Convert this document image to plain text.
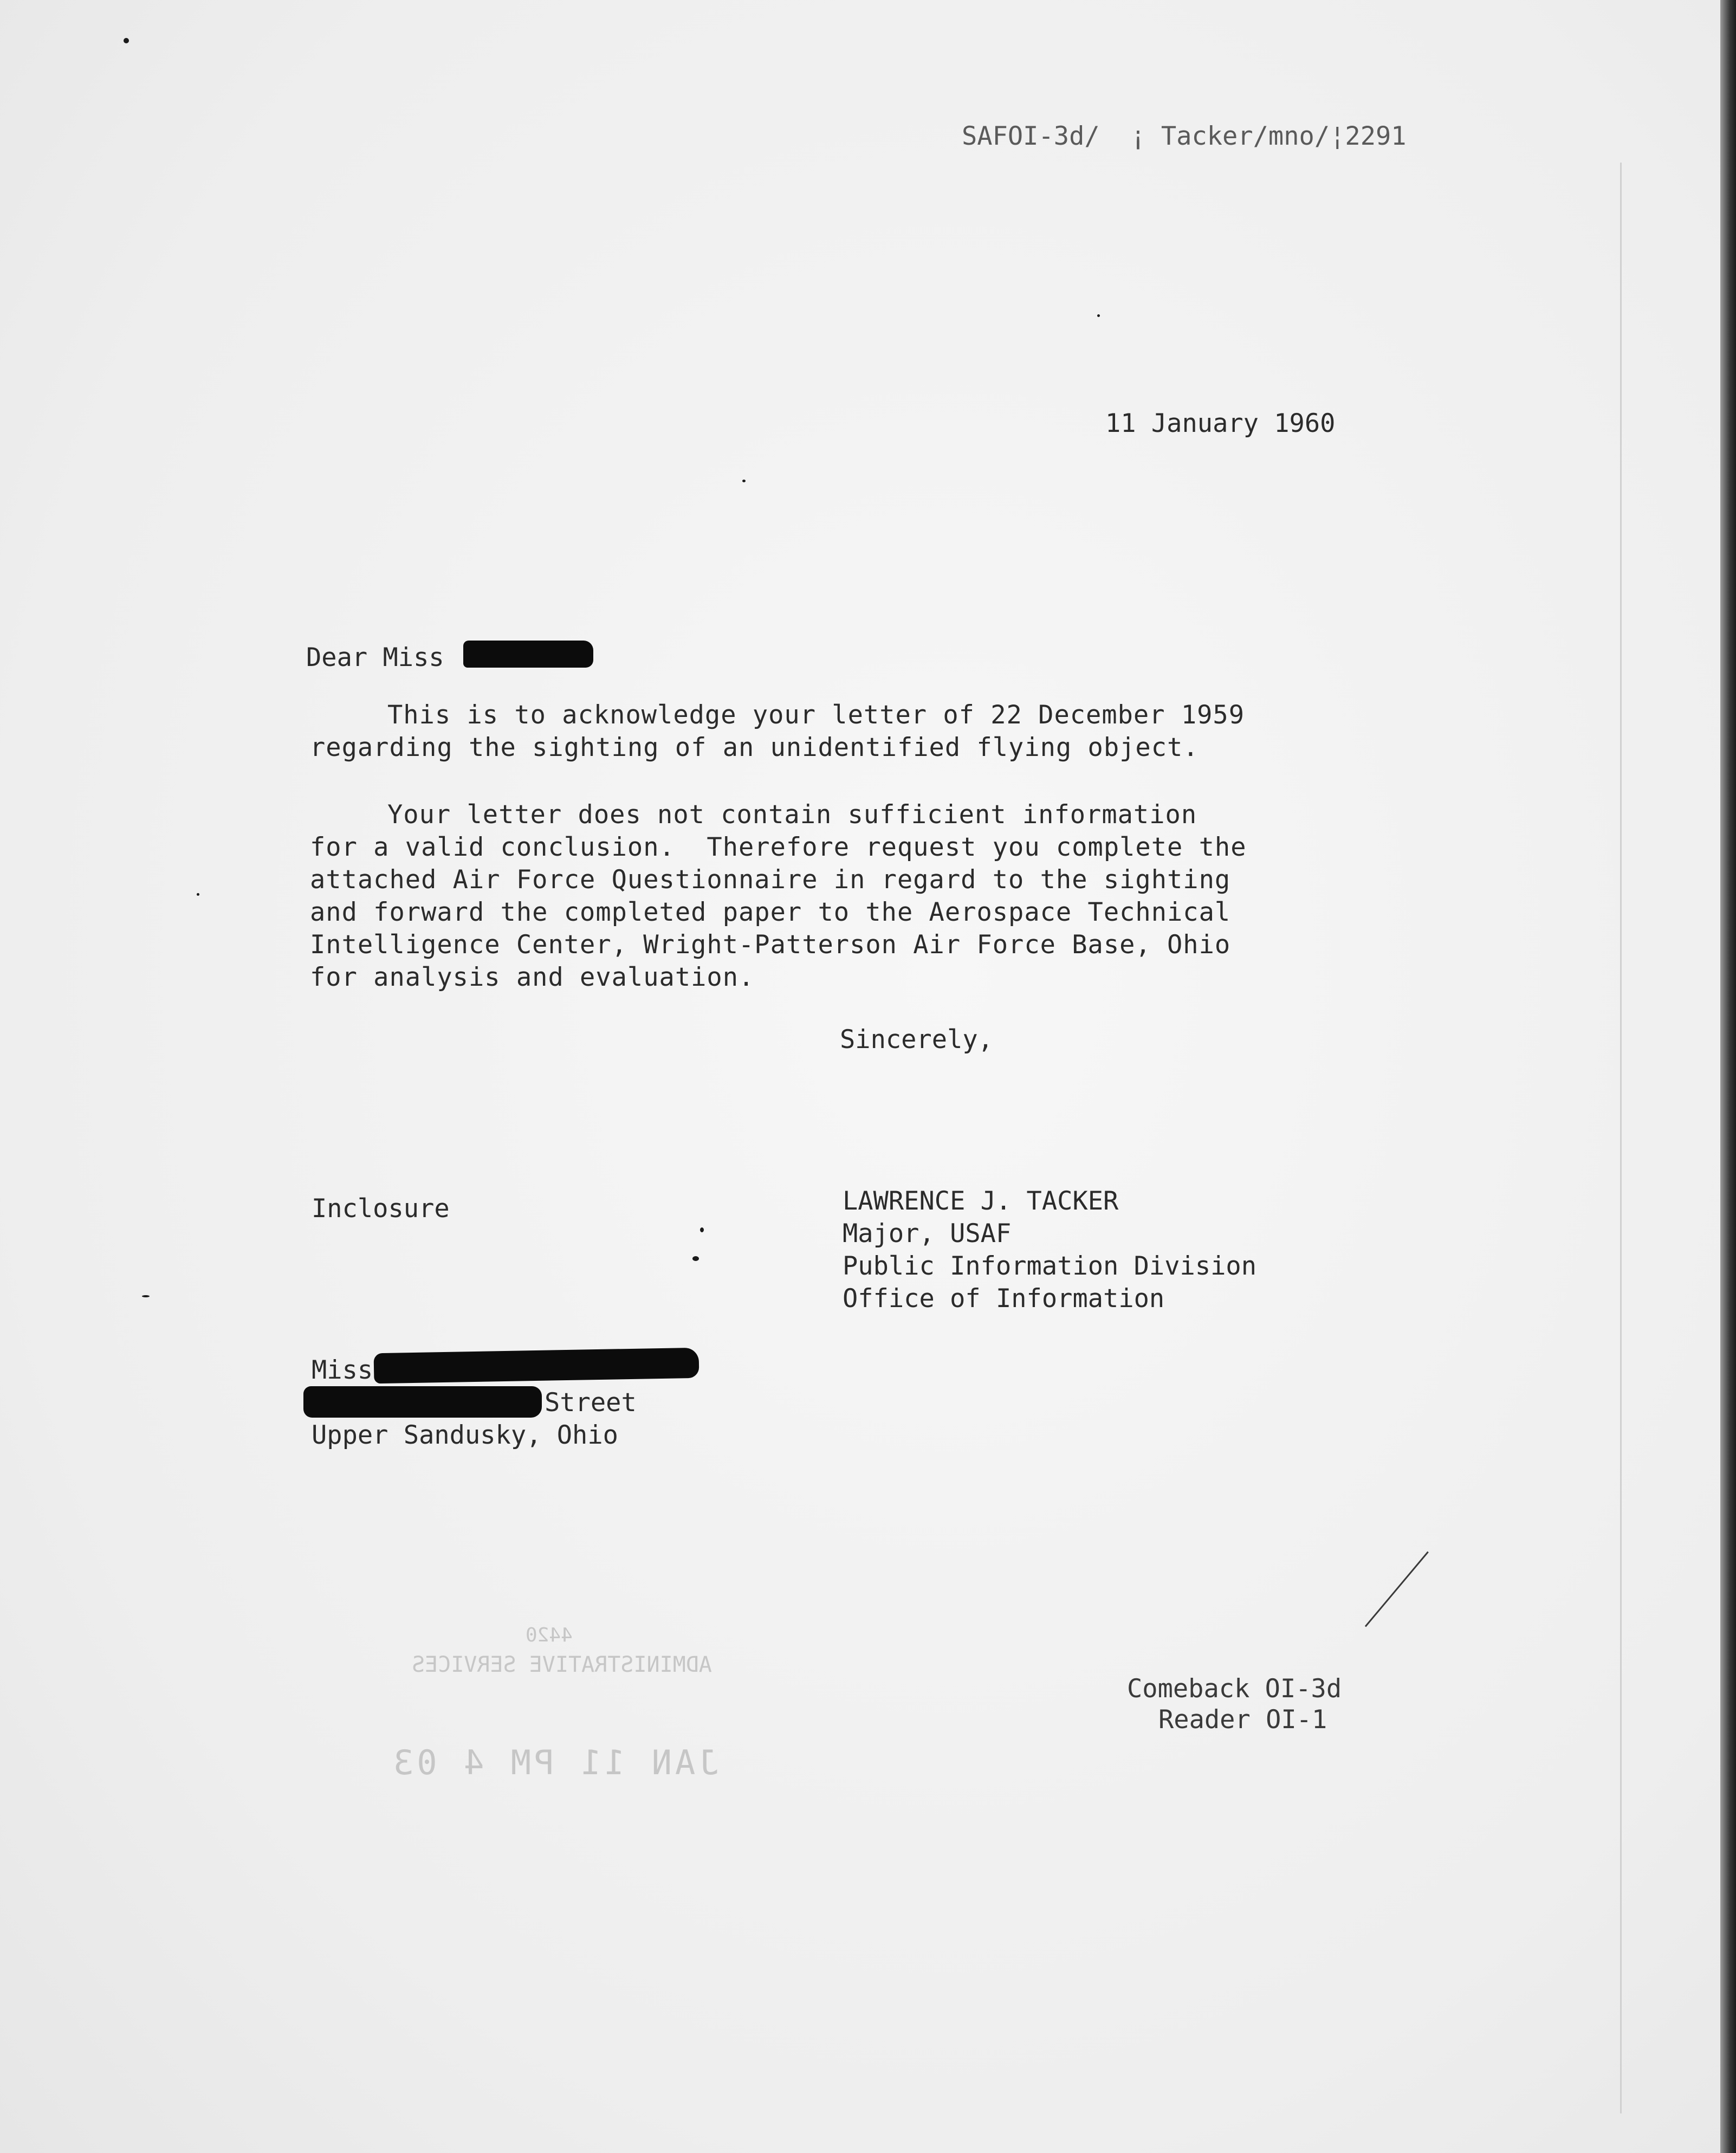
SAFOI-3d/  ¡ Tacker/mno/¦2291
11 January 1960
Dear Miss
This is to acknowledge your letter of 22 December 1959
regarding the sighting of an unidentified flying object.
Your letter does not contain sufficient information
for a valid conclusion.  Therefore request you complete the
attached Air Force Questionnaire in regard to the sighting
and forward the completed paper to the Aerospace Technical
Intelligence Center, Wright-Patterson Air Force Base, Ohio
for analysis and evaluation.
Sincerely,
Inclosure	LAWRENCE J. TACKER
Major, USAF
Public Information Division
Office of Information
Miss
Street
Upper Sandusky, Ohio
Comeback OI-3d
Reader OI-1
4420
ADMINISTRATIVE SERVICES
JAN 11 PM 4 03
